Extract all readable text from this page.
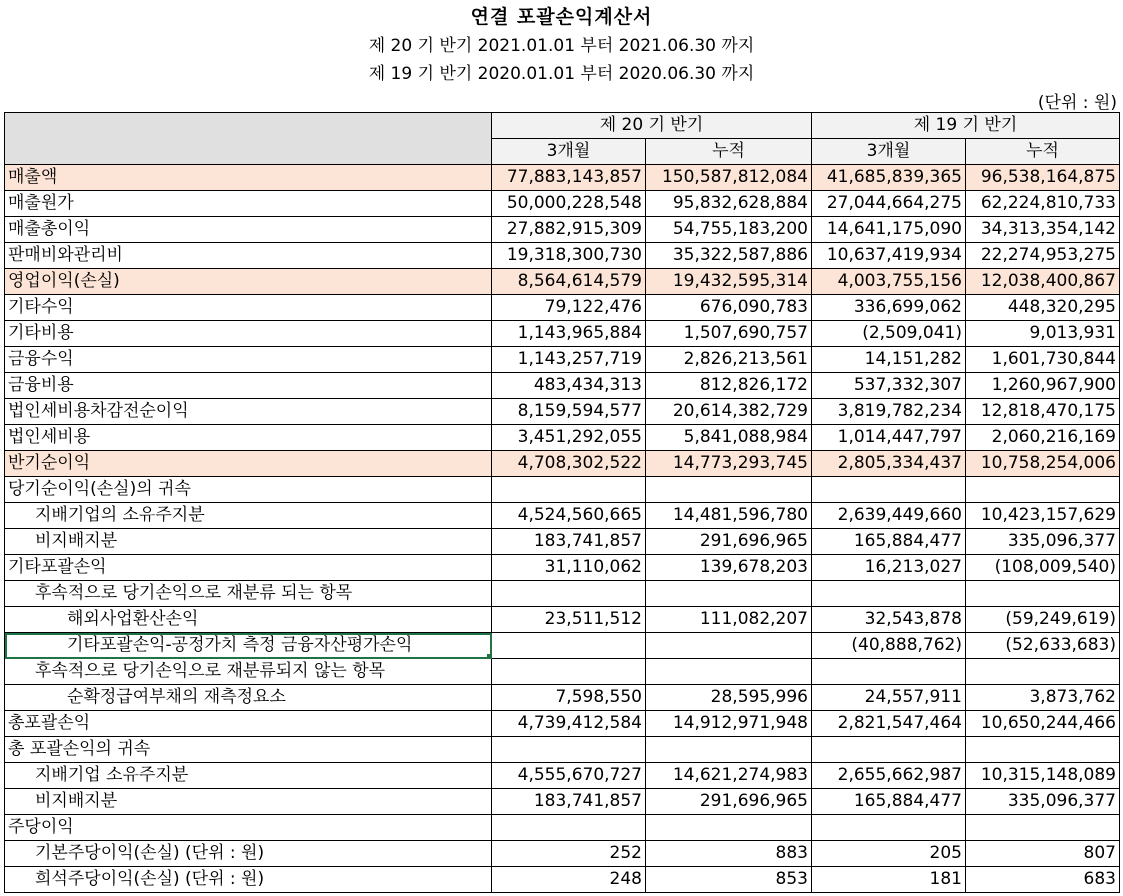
연결 포괄손익계산서
제 20 기 반기 2021.01.01 부터 2021.06.30 까지
제 19 기 반기 2020.01.01 부터 2020.06.30 까지
(단위 : 원)
	제 20 기 반기		제 19 기 반기	
	3개월	누적	3개월	누적
매출액	77,883,143,857	150,587,812,084	41,685,839,365	96,538,164,875
매출원가	50,000,228,548	95,832,628,884	27,044,664,275	62,224,810,733
매출총이익	27,882,915,309	54,755,183,200	14,641,175,090	34,313,354,142
판매비와관리비	19,318,300,730	35,322,587,886	10,637,419,934	22,274,953,275
영업이익(손실)	8,564,614,579	19,432,595,314	4,003,755,156	12,038,400,867
기타수익	79,122,476	676,090,783	336,699,062	448,320,295
기타비용	1,143,965,884	1,507,690,757	(2,509,041)	9,013,931
금융수익	1,143,257,719	2,826,213,561	14,151,282	1,601,730,844
금융비용	483,434,313	812,826,172	537,332,307	1,260,967,900
법인세비용차감전순이익	8,159,594,577	20,614,382,729	3,819,782,234	12,818,470,175
법인세비용	3,451,292,055	5,841,088,984	1,014,447,797	2,060,216,169
반기순이익	4,708,302,522	14,773,293,745	2,805,334,437	10,758,254,006
당기순이익(손실)의 귀속				
지배기업의 소유주지분	4,524,560,665	14,481,596,780	2,639,449,660	10,423,157,629
비지배지분	183,741,857	291,696,965	165,884,477	335,096,377
기타포괄손익	31,110,062	139,678,203	16,213,027	(108,009,540)
후속적으로 당기손익으로 재분류 되는 항목				
해외사업환산손익	23,511,512	111,082,207	32,543,878	(59,249,619)
기타포괄손익-공정가치 측정 금융자산평가손익			(40,888,762)	(52,633,683)
후속적으로 당기손익으로 재분류되지 않는 항목				
순확정급여부채의 재측정요소	7,598,550	28,595,996	24,557,911	3,873,762
총포괄손익	4,739,412,584	14,912,971,948	2,821,547,464	10,650,244,466
총 포괄손익의 귀속				
지배기업 소유주지분	4,555,670,727	14,621,274,983	2,655,662,987	10,315,148,089
비지배지분	183,741,857	291,696,965	165,884,477	335,096,377
주당이익				
기본주당이익(손실) (단위 : 원)	252	883	205	807
희석주당이익(손실) (단위 : 원)	248	853	181	683
